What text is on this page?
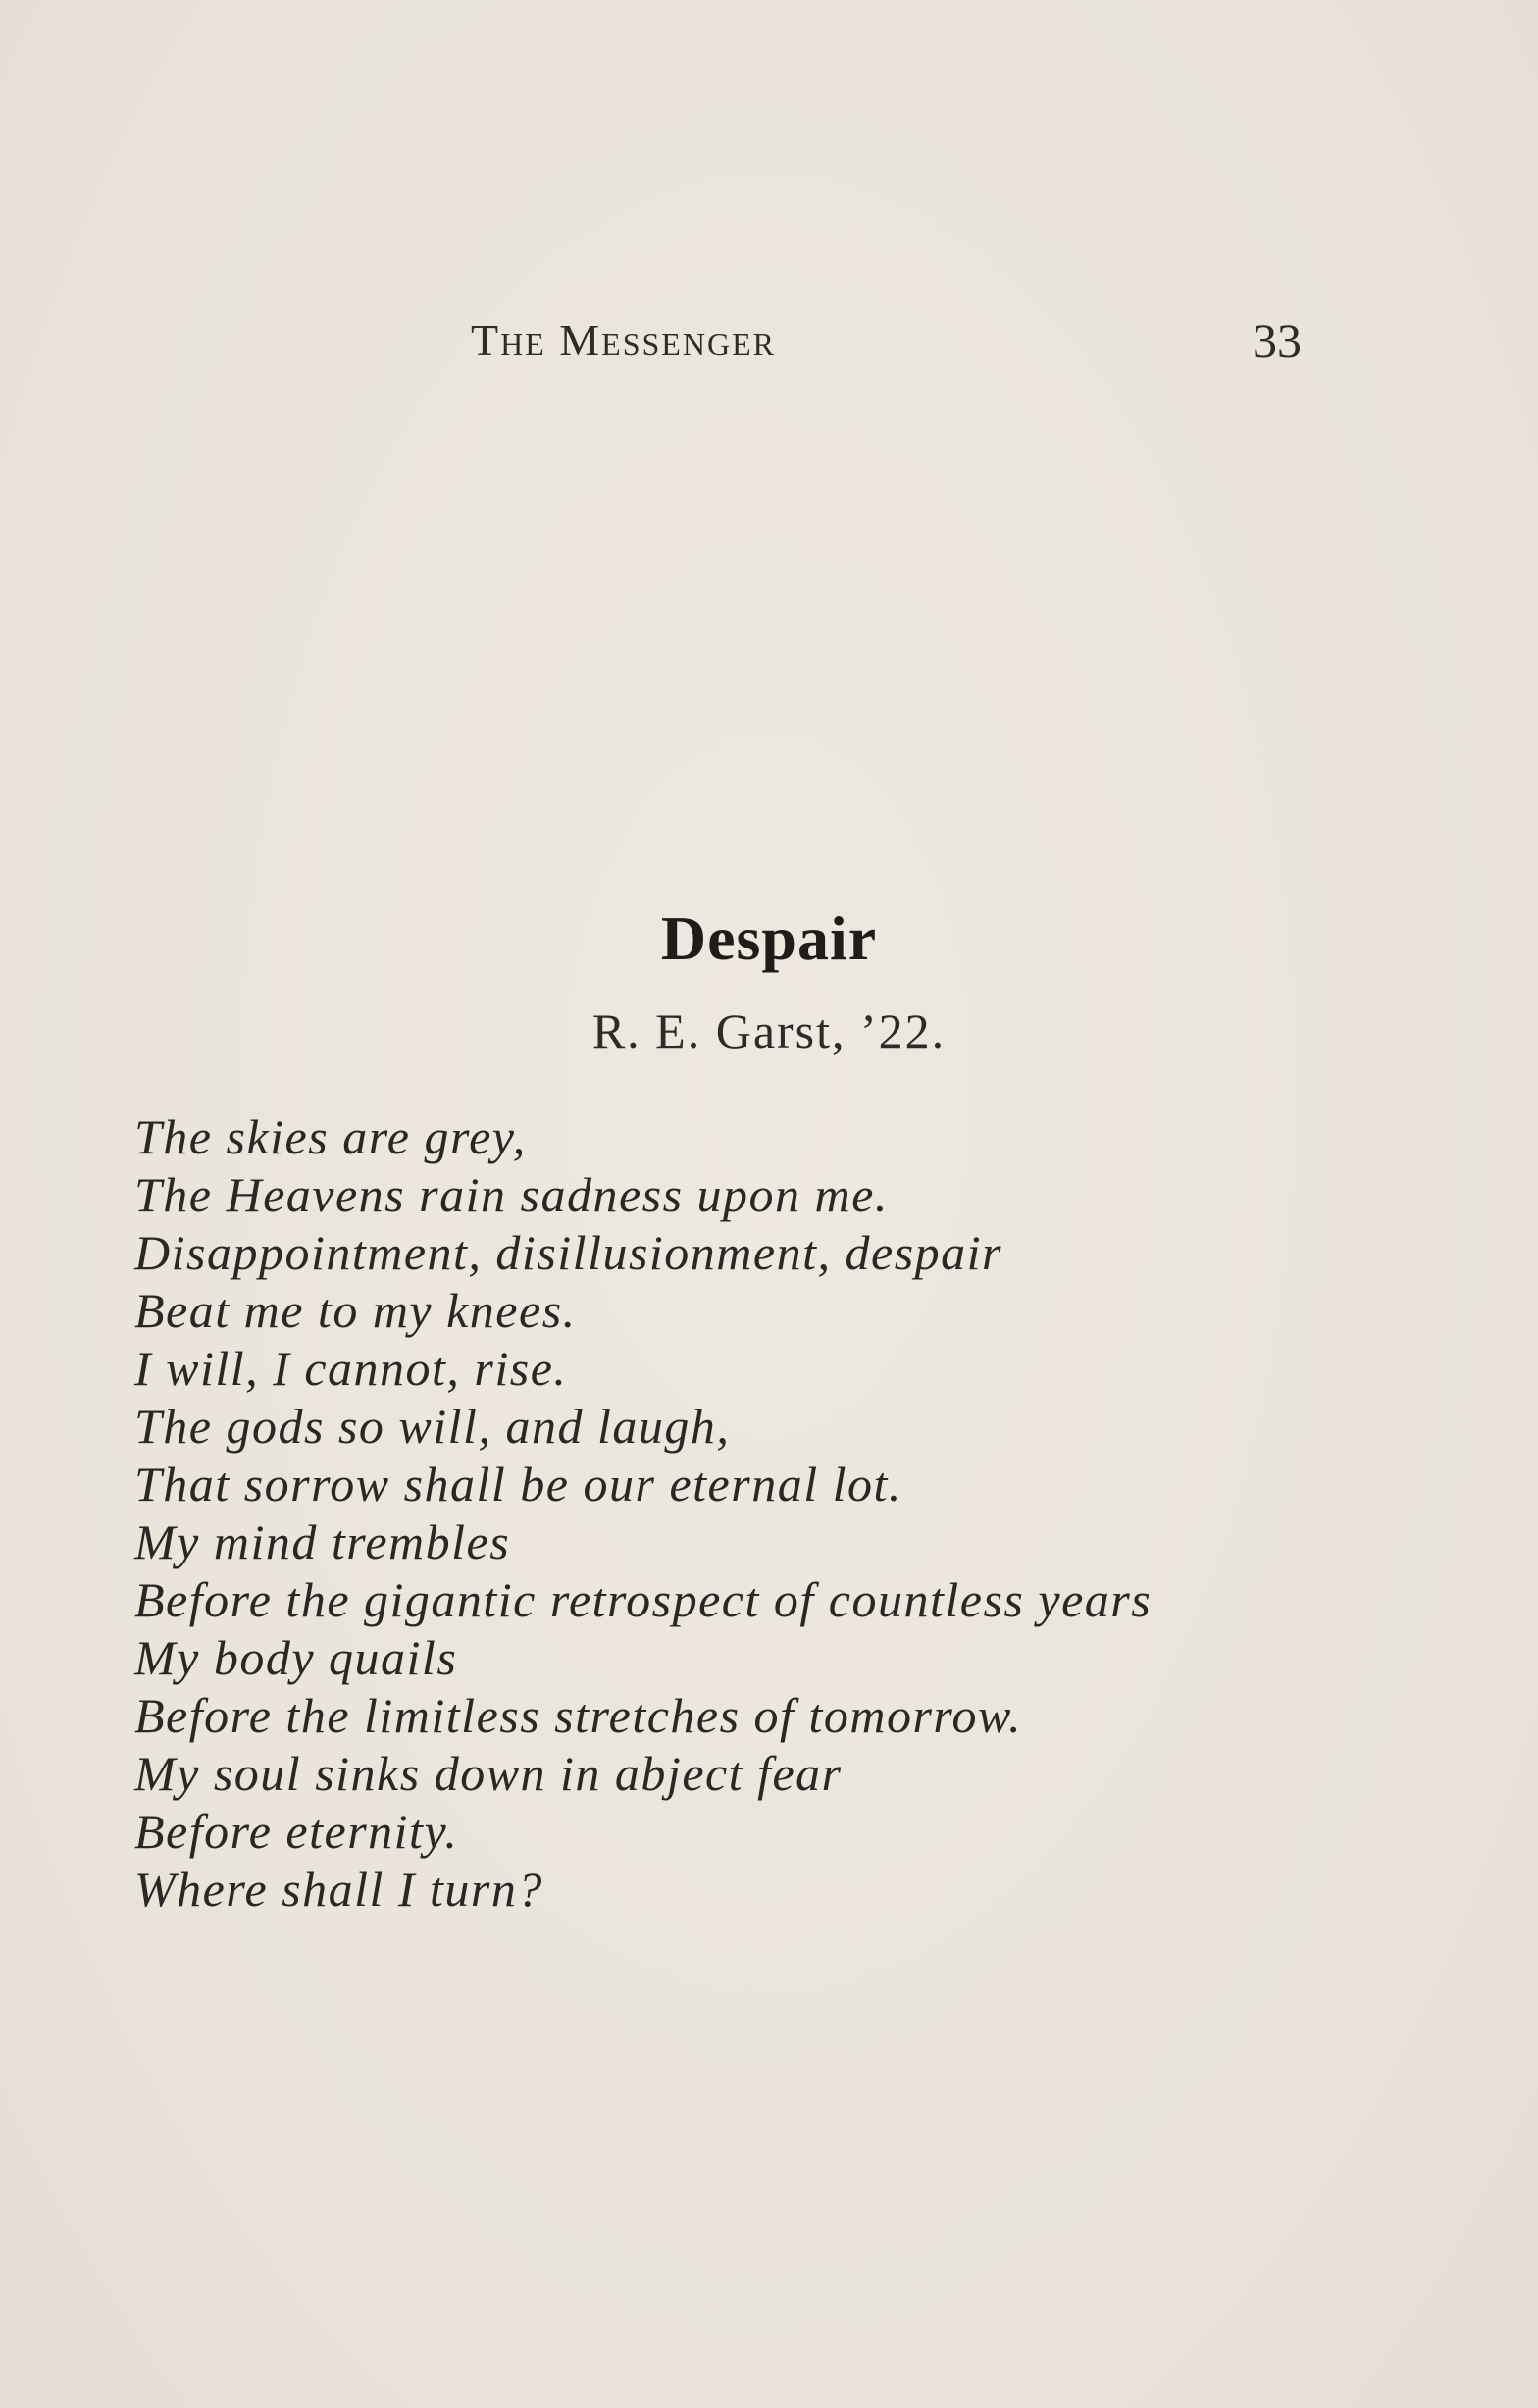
The Messenger	33
Despair
R. E. Garst, ’22.
The skies are grey,
The Heavens rain sadness upon me.
Disappointment, disillusionment, despair
Beat me to my knees.
I will, I cannot, rise.
The gods so will, and laugh,
That sorrow shall be our eternal lot.
My mind trembles
Before the gigantic retrospect of countless years
My body quails
Before the limitless stretches of tomorrow.
My soul sinks down in abject fear
Before eternity.
Where shall I turn?
